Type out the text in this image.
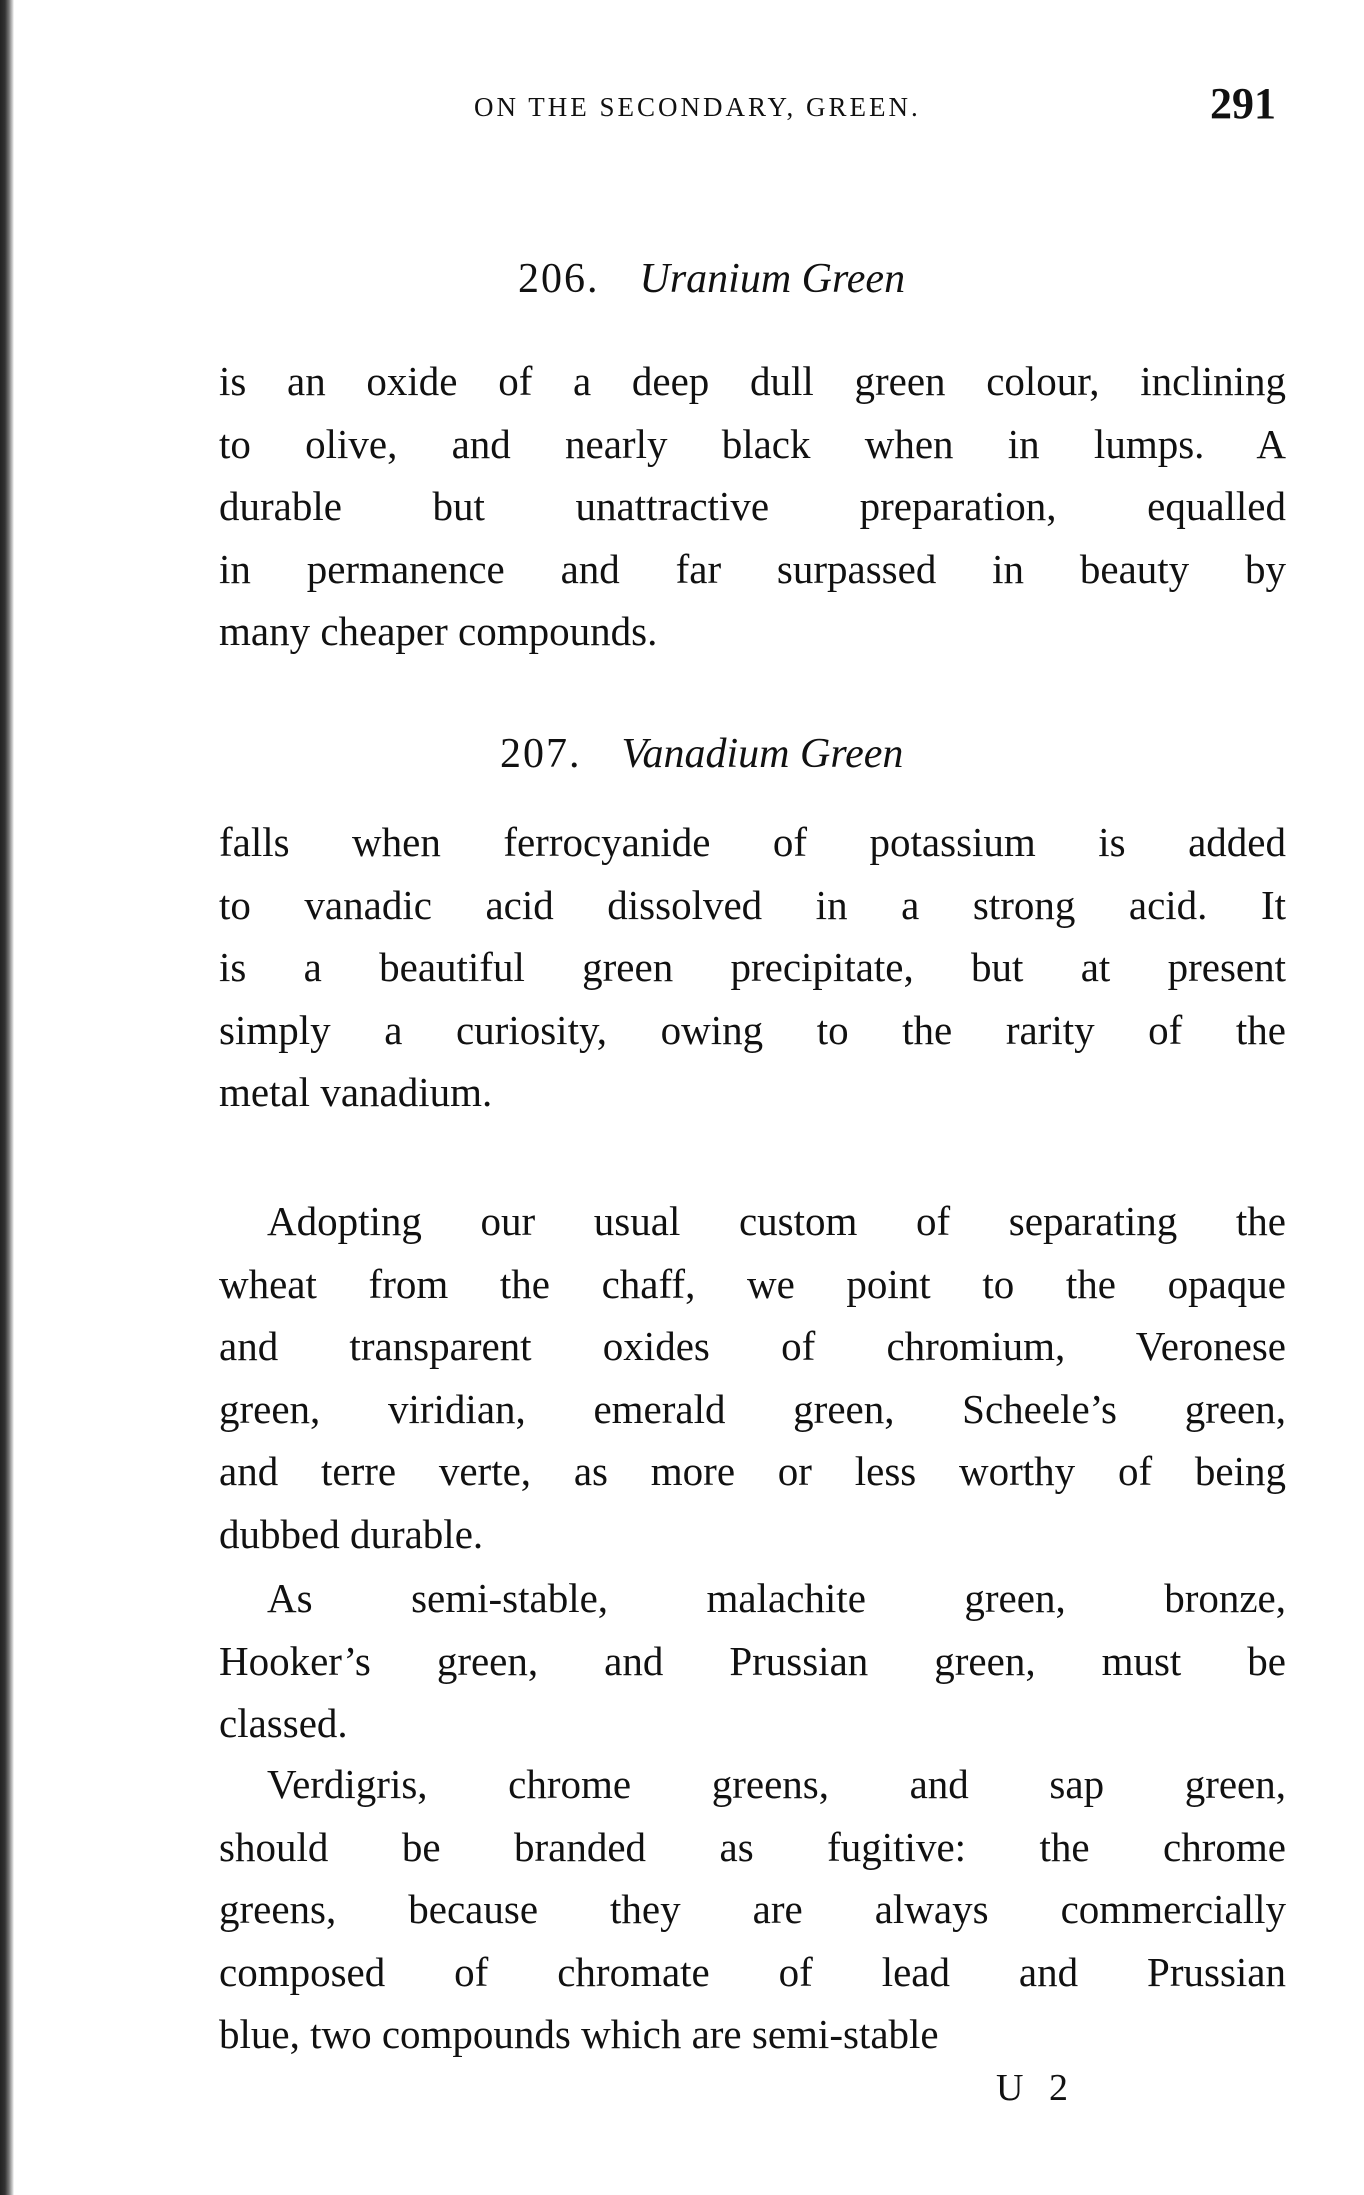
ON THE SECONDARY, GREEN.	291
206. Uranium Green
207. Vanadium Green
is an oxide of a deep dull green colour, inclining
to olive, and nearly black when in lumps. A
durable but unattractive preparation, equalled
in permanence and far surpassed in beauty by
many cheaper compounds.
falls when ferrocyanide of potassium is added
to vanadic acid dissolved in a strong acid. It
is a beautiful green precipitate, but at present
simply a curiosity, owing to the rarity of the
metal vanadium.
Adopting our usual custom of separating the
wheat from the chaff, we point to the opaque
and transparent oxides of chromium, Veronese
green, viridian, emerald green, Scheele’s green,
and terre verte, as more or less worthy of being
dubbed durable.
As semi-stable, malachite green, bronze,
Hooker’s green, and Prussian green, must be
classed.
Verdigris, chrome greens, and sap green,
should be branded as fugitive: the chrome
greens, because they are always commercially
composed of chromate of lead and Prussian
blue, two compounds which are semi-stable
U 2
